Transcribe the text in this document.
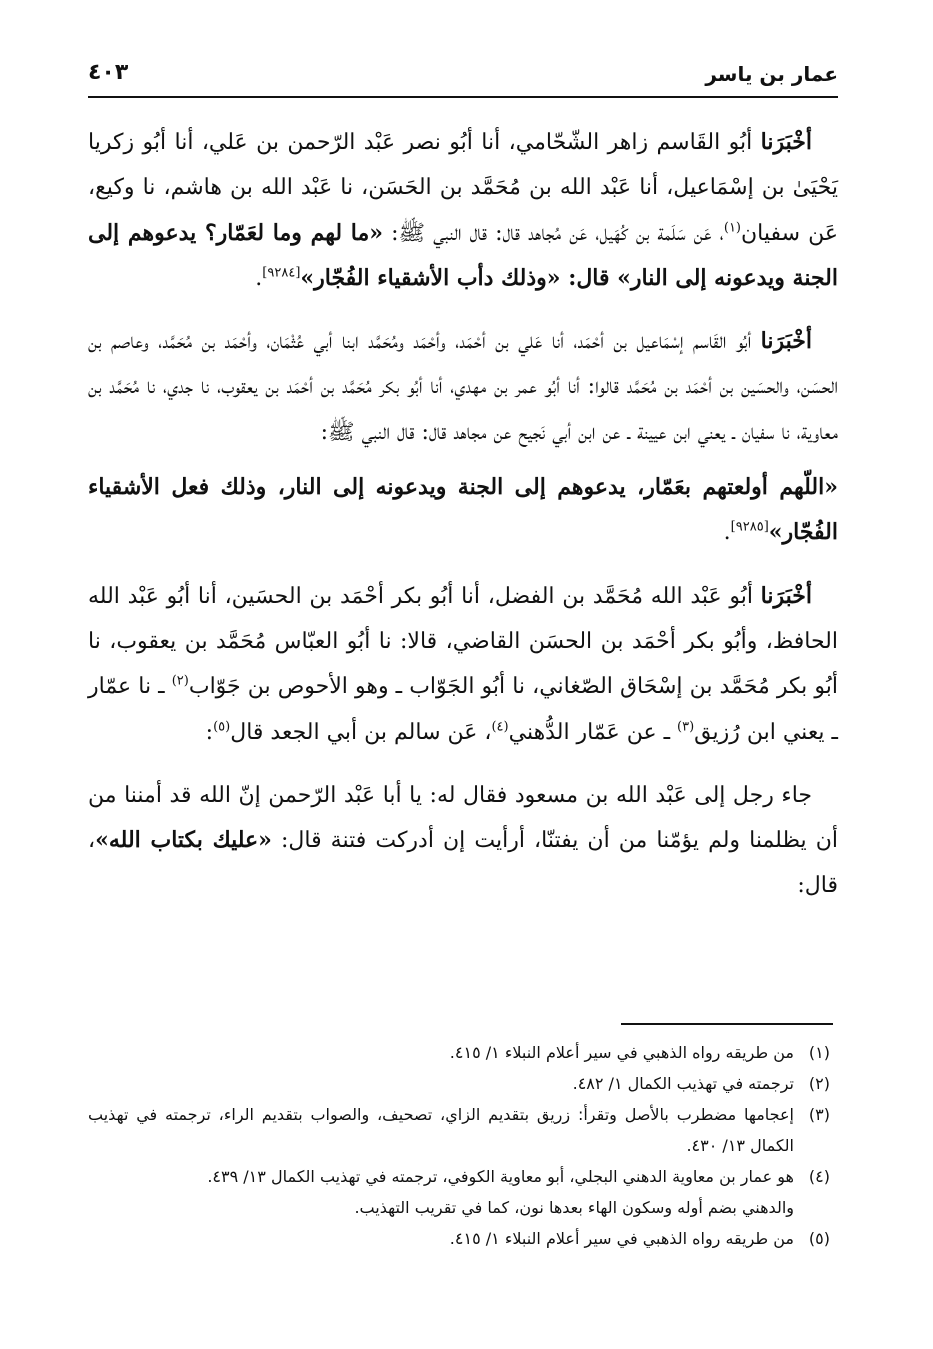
عمار بن ياسر
٤٠٣

أخْبَرَنا أبُو القَاسم زاهر الشّحّامي، أنا أبُو نصر عَبْد الرّحمن بن عَلي، أنا أبُو زكريا يَحْيَىٰ بن إسْمَاعيل، أنا عَبْد الله بن مُحَمَّد بن الحَسَن، نا عَبْد الله بن هاشم، نا وكيع، عَن سفيان$^{(١)}$، عَن سَلَمة بن كُهَيل، عَن مُجاهد قال: قال النبي ﷺ: «ما لهم وما لعَمّار؟ يدعوهم إلى الجنة ويدعونه إلى النار» قال: «وذلك دأب الأشقياء الفُجّار»[٩٢٨٤].

أخْبَرَنا أبُو القَاسم إسْمَاعيل بن أحْمَد، أنا عَلي بن أحْمَد، وأحْمَد ومُحَمَّد ابنا أبي عُثْمَان، وأحْمَد بن مُحَمَّد، وعاصم بن الحسَن، والحسَين بن أحْمَد بن مُحَمَّد قالوا: أنا أبُو عمر بن مهدي، أنا أبُو بكر مُحَمَّد بن أحْمَد بن يعقوب، نا جدي، نا مُحَمَّد بن معاوية، نا سفيان ـ يعني ابن عيينة ـ عن ابن أبي نَجيح عن مجاهد قال: قال النبي ﷺ:

«اللّهم أولعتهم بعَمّار، يدعوهم إلى الجنة ويدعونه إلى النار، وذلك فعل الأشقياء الفُجّار»[٩٢٨٥].

أخْبَرَنا أبُو عَبْد الله مُحَمَّد بن الفضل، أنا أبُو بكر أحْمَد بن الحسَين، أنا أبُو عَبْد الله الحافظ، وأبُو بكر أحْمَد بن الحسَن القاضي، قالا: نا أبُو العبّاس مُحَمَّد بن يعقوب، نا أبُو بكر مُحَمَّد بن إسْحَاق الصّغاني، نا أبُو الجَوّاب ـ وهو الأحوص بن جَوّاب$^{(٢)}$ ـ نا عمّار ـ يعني ابن رُزيق$^{(٣)}$ ـ عن عَمّار الدُّهني$^{(٤)}$، عَن سالم بن أبي الجعد قال$^{(٥)}$:

جاء رجل إلى عَبْد الله بن مسعود فقال له: يا أبا عَبْد الرّحمن إنّ الله قد أمننا من أن يظلمنا ولم يؤمّنا من أن يفتنّا، أرأيت إن أدركت فتنة قال: «عليك بكتاب الله»، قال:

(١)
من طريقه رواه الذهبي في سير أعلام النبلاء ١/ ٤١٥.

(٢)
ترجمته في تهذيب الكمال ١/ ٤٨٢.

(٣)
إعجامها مضطرب بالأصل وتقرأ: زريق بتقديم الزاي، تصحيف، والصواب بتقديم الراء، ترجمته في تهذيب الكمال ١٣/ ٤٣٠.

(٤)
هو عمار بن معاوية الدهني البجلي، أبو معاوية الكوفي، ترجمته في تهذيب الكمال ١٣/ ٤٣٩.

والدهني بضم أوله وسكون الهاء بعدها نون، كما في تقريب التهذيب.

(٥)
من طريقه رواه الذهبي في سير أعلام النبلاء ١/ ٤١٥.
